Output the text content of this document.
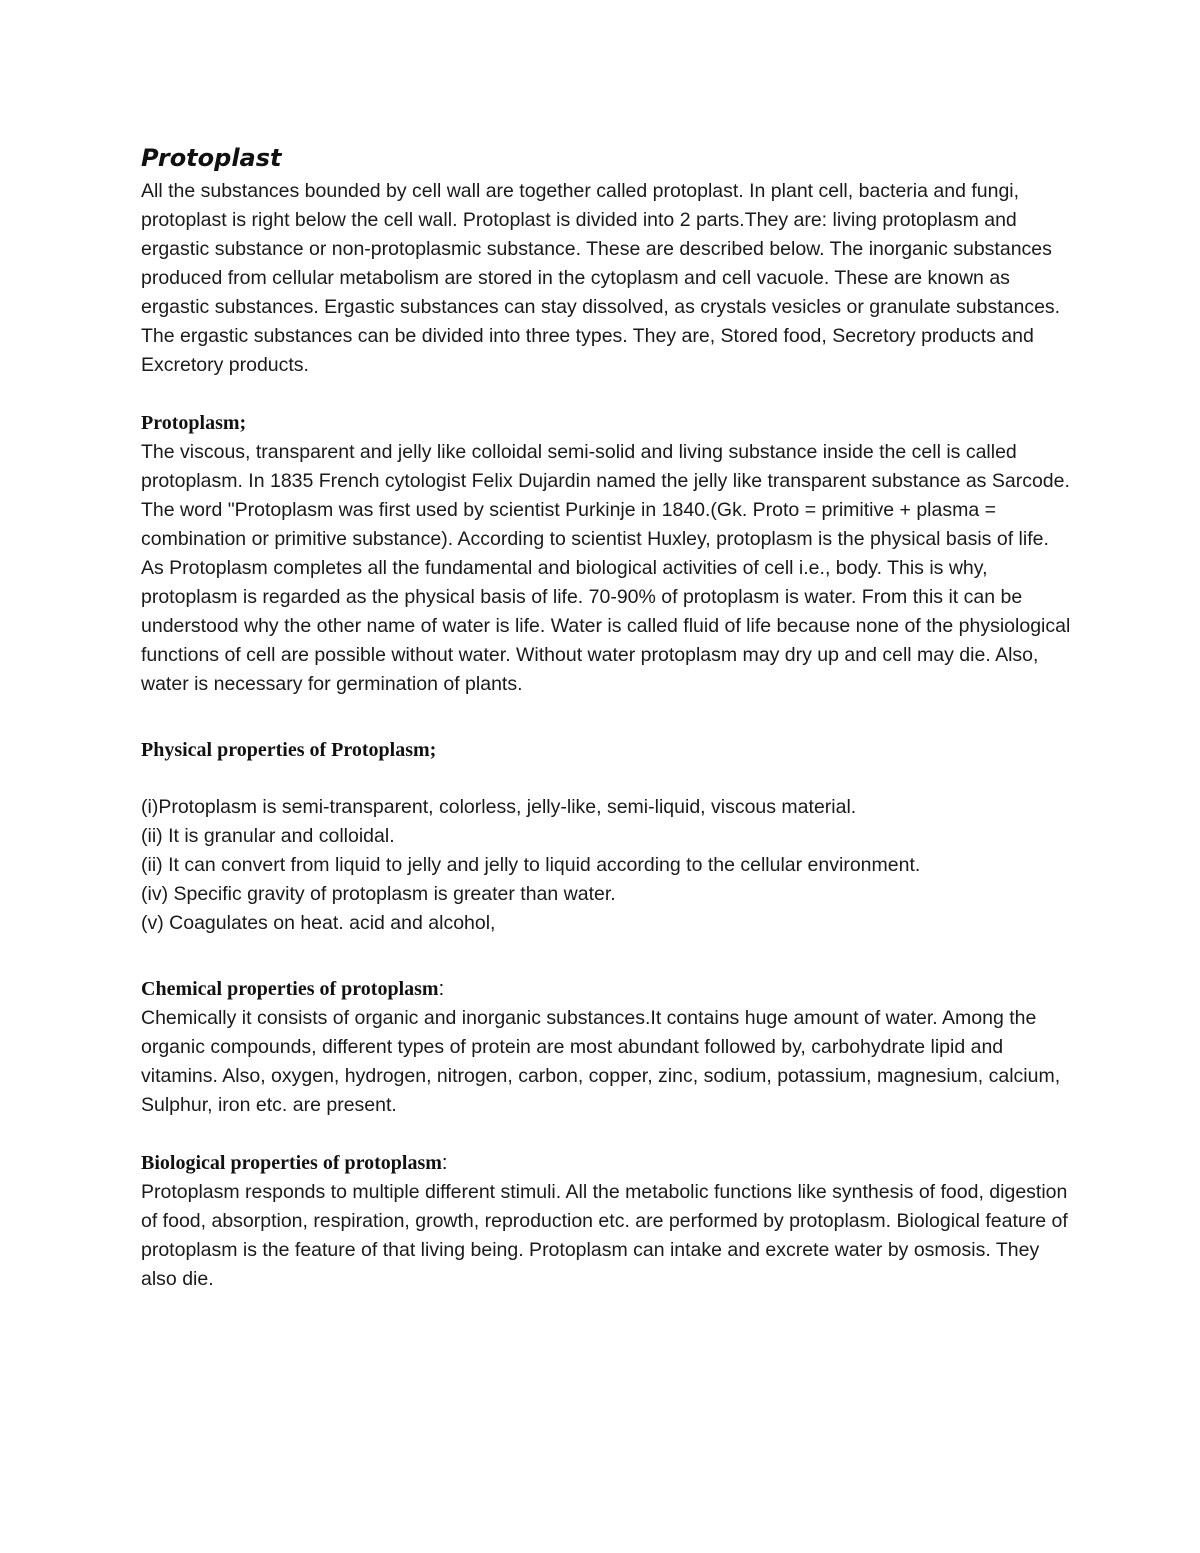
Protoplast

All the substances bounded by cell wall are together called protoplast. In plant cell, bacteria and fungi, protoplast is right below the cell wall. Protoplast is divided into 2 parts.They are: living protoplasm and ergastic substance or non-protoplasmic substance. These are described below. The inorganic substances produced from cellular metabolism are stored in the cytoplasm and cell vacuole. These are known as ergastic substances. Ergastic substances can stay dissolved, as crystals vesicles or granulate substances. The ergastic substances can be divided into three types. They are, Stored food, Secretory products and Excretory products.

Protoplasm;

The viscous, transparent and jelly like colloidal semi-solid and living substance inside the cell is called protoplasm. In 1835 French cytologist Felix Dujardin named the jelly like transparent substance as Sarcode. The word "Protoplasm was first used by scientist Purkinje in 1840.(Gk. Proto = primitive + plasma = combination or primitive substance). According to scientist Huxley, protoplasm is the physical basis of life. As Protoplasm completes all the fundamental and biological activities of cell i.e., body. This is why, protoplasm is regarded as the physical basis of life. 70-90% of protoplasm is water. From this it can be understood why the other name of water is life. Water is called fluid of life because none of the physiological functions of cell are possible without water. Without water protoplasm may dry up and cell may die. Also, water is necessary for germination of plants.

Physical properties of Protoplasm;

(i)Protoplasm is semi-transparent, colorless, jelly-like, semi-liquid, viscous material.
(ii) It is granular and colloidal.
(ii) It can convert from liquid to jelly and jelly to liquid according to the cellular environment.
(iv) Specific gravity of protoplasm is greater than water.
(v) Coagulates on heat. acid and alcohol,

Chemical properties of protoplasm:

Chemically it consists of organic and inorganic substances.It contains huge amount of water. Among the organic compounds, different types of protein are most abundant followed by, carbohydrate lipid and vitamins. Also, oxygen, hydrogen, nitrogen, carbon, copper, zinc, sodium, potassium, magnesium, calcium,

Sulphur, iron etc. are present.

Biological properties of protoplasm:

Protoplasm responds to multiple different stimuli. All the metabolic functions like synthesis of food, digestion of food, absorption, respiration, growth, reproduction etc. are performed by protoplasm. Biological feature of protoplasm is the feature of that living being. Protoplasm can intake and excrete water by osmosis. They also die.
